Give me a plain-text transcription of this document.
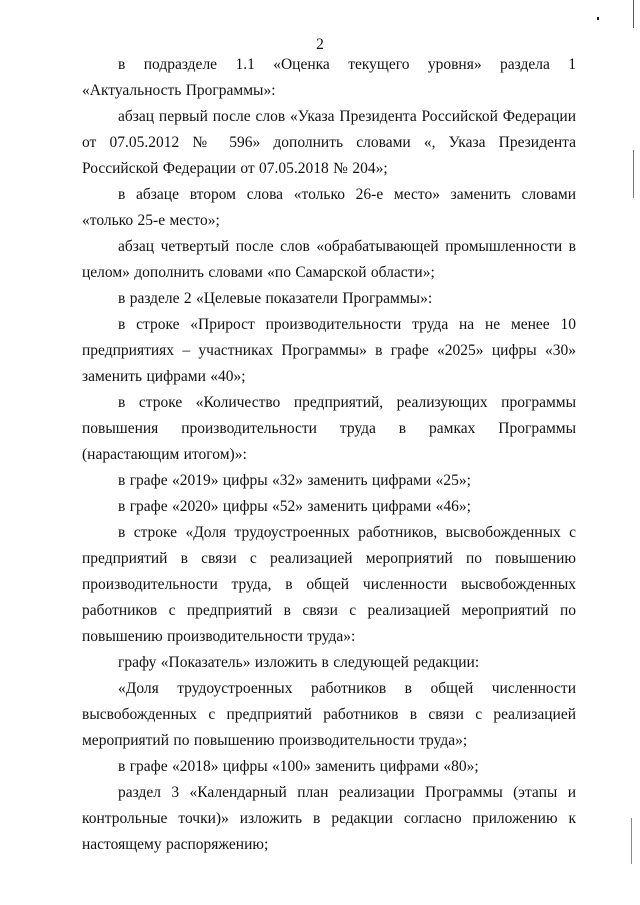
2

в подразделе 1.1 «Оценка текущего уровня» раздела 1 «Актуальность Программы»:

абзац первый после слов «Указа Президента Российской Федерации от 07.05.2012 № 596» дополнить словами «, Указа Президента Российской Федерации от 07.05.2018 № 204»;

в абзаце втором слова «только 26-е место» заменить словами «только 25-е место»;

абзац четвертый после слов «обрабатывающей промышленности в целом» дополнить словами «по Самарской области»;

в разделе 2 «Целевые показатели Программы»:

в строке «Прирост производительности труда на не менее 10 предприятиях – участниках Программы» в графе «2025» цифры «30» заменить цифрами «40»;

в строке «Количество предприятий, реализующих программы повышения производительности труда в рамках Программы (нарастающим итогом)»:

в графе «2019» цифры «32» заменить цифрами «25»;

в графе «2020» цифры «52» заменить цифрами «46»;

в строке «Доля трудоустроенных работников, высвобожденных с предприятий в связи с реализацией мероприятий по повышению производительности труда, в общей численности высвобожденных работников с предприятий в связи с реализацией мероприятий по повышению производительности труда»:

графу «Показатель» изложить в следующей редакции:

«Доля трудоустроенных работников в общей численности высвобожденных с предприятий работников в связи с реализацией мероприятий по повышению производительности труда»;

в графе «2018» цифры «100» заменить цифрами «80»;

раздел 3 «Календарный план реализации Программы (этапы и контрольные точки)» изложить в редакции согласно приложению к настоящему распоряжению;
